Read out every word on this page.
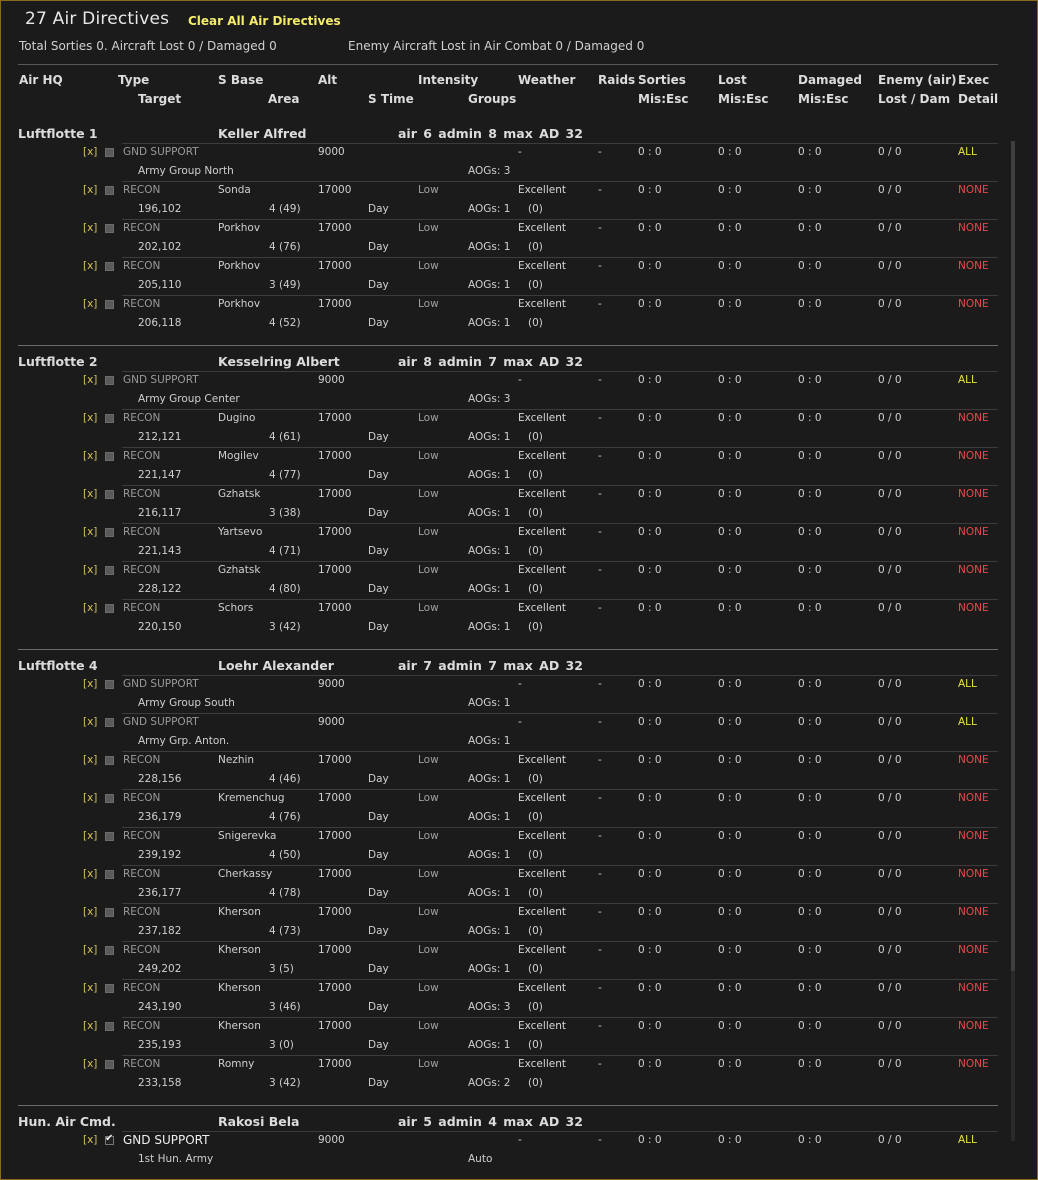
27 Air Directives Clear All Air Directives
Total Sorties 0. Aircraft Lost 0 / Damaged 0	Enemy Aircraft Lost in Air Combat 0 / Damaged 0
Air HQ	Type	S Base	Alt	Intensity	Weather Raids Sorties	Lost	Damaged Enemy (air) Exec
Target	Area	S Time	Groups	Mis:Esc Mis:Esc Mis:Esc Lost / Dam Detail
Luftflotte 1	Keller Alfred	air 6 admin 8 max AD 32
[x] GND SUPPORT	9000	-	-	0 : 0	0 : 0	0 : 0	0 / 0	ALL
Army Group North	AOGs: 3
[x] RECON	Sonda	17000	Low	Excellent	-	0 : 0	0 : 0	0 : 0	0 / 0	NONE
196,102	4 (49)	Day	AOGs: 1 (0)
[x] RECON	Porkhov	17000	Low	Excellent	-	0 : 0	0 : 0	0 : 0	0 / 0	NONE
202,102	4 (76)	Day	AOGs: 1 (0)
[x] RECON	Porkhov	17000	Low	Excellent	-	0 : 0	0 : 0	0 : 0	0 / 0	NONE
205,110	3 (49)	Day	AOGs: 1 (0)
[x] RECON	Porkhov	17000	Low	Excellent	-	0 : 0	0 : 0	0 : 0	0 / 0	NONE
206,118	4 (52)	Day	AOGs: 1 (0)
Luftflotte 2	Kesselring Albert	air 8 admin 7 max AD 32
[x] GND SUPPORT	9000	-	-	0 : 0	0 : 0	0 : 0	0 / 0	ALL
Army Group Center	AOGs: 3
[x] RECON	Dugino	17000	Low	Excellent	-	0 : 0	0 : 0	0 : 0	0 / 0	NONE
212,121	4 (61)	Day	AOGs: 1 (0)
[x] RECON	Mogilev	17000	Low	Excellent	-	0 : 0	0 : 0	0 : 0	0 / 0	NONE
221,147	4 (77)	Day	AOGs: 1 (0)
[x] RECON	Gzhatsk	17000	Low	Excellent	-	0 : 0	0 : 0	0 : 0	0 / 0	NONE
216,117	3 (38)	Day	AOGs: 1 (0)
[x] RECON	Yartsevo	17000	Low	Excellent	-	0 : 0	0 : 0	0 : 0	0 / 0	NONE
221,143	4 (71)	Day	AOGs: 1 (0)
[x] RECON	Gzhatsk	17000	Low	Excellent	-	0 : 0	0 : 0	0 : 0	0 / 0	NONE
228,122	4 (80)	Day	AOGs: 1 (0)
[x] RECON	Schors	17000	Low	Excellent	-	0 : 0	0 : 0	0 : 0	0 / 0	NONE
220,150	3 (42)	Day	AOGs: 1 (0)
Luftflotte 4	Loehr Alexander	air 7 admin 7 max AD 32
[x] GND SUPPORT	9000	-	-	0 : 0	0 : 0	0 : 0	0 / 0	ALL
Army Group South	AOGs: 1
[x] GND SUPPORT	9000	-	-	0 : 0	0 : 0	0 : 0	0 / 0	ALL
Army Grp. Anton.	AOGs: 1
[x] RECON	Nezhin	17000	Low	Excellent	-	0 : 0	0 : 0	0 : 0	0 / 0	NONE
228,156	4 (46)	Day	AOGs: 1 (0)
[x] RECON	Kremenchug	17000	Low	Excellent	-	0 : 0	0 : 0	0 : 0	0 / 0	NONE
236,179	4 (76)	Day	AOGs: 1 (0)
[x] RECON	Snigerevka	17000	Low	Excellent	-	0 : 0	0 : 0	0 : 0	0 / 0	NONE
239,192	4 (50)	Day	AOGs: 1 (0)
[x] RECON	Cherkassy	17000	Low	Excellent	-	0 : 0	0 : 0	0 : 0	0 / 0	NONE
236,177	4 (78)	Day	AOGs: 1 (0)
[x] RECON	Kherson	17000	Low	Excellent	-	0 : 0	0 : 0	0 : 0	0 / 0	NONE
237,182	4 (73)	Day	AOGs: 1 (0)
[x] RECON	Kherson	17000	Low	Excellent	-	0 : 0	0 : 0	0 : 0	0 / 0	NONE
249,202	3 (5)	Day	AOGs: 1 (0)
[x] RECON	Kherson	17000	Low	Excellent	-	0 : 0	0 : 0	0 : 0	0 / 0	NONE
243,190	3 (46)	Day	AOGs: 3 (0)
[x] RECON	Kherson	17000	Low	Excellent	-	0 : 0	0 : 0	0 : 0	0 / 0	NONE
235,193	3 (0)	Day	AOGs: 1 (0)
[x] RECON	Romny	17000	Low	Excellent	-	0 : 0	0 : 0	0 : 0	0 / 0	NONE
233,158	3 (42)	Day	AOGs: 2 (0)
Hun. Air Cmd.	Rakosi Bela	air 5 admin 4 max AD 32
[x]
✔ GND SUPPORT	9000	-	-	0 : 0	0 : 0	0 : 0	0 / 0	ALL
1st Hun. Army	Auto
